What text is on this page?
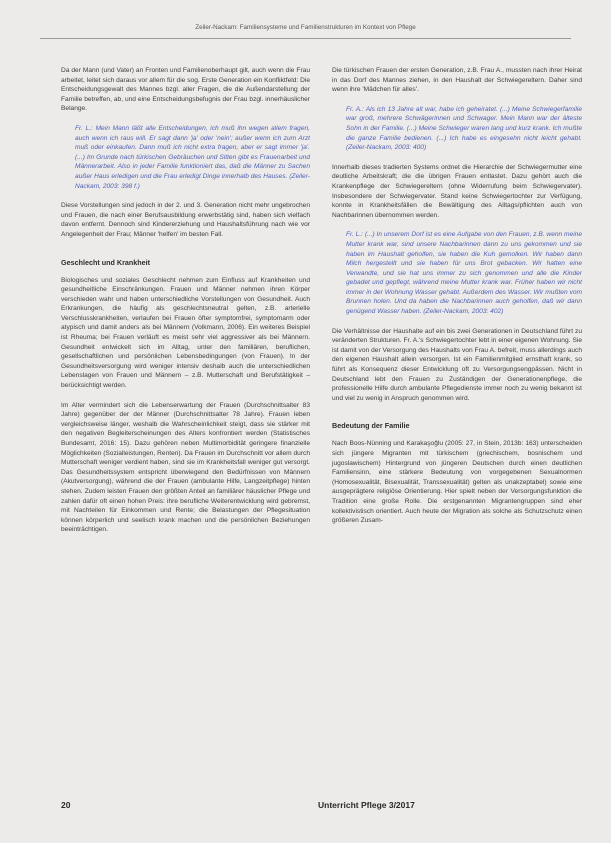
Zeiler-Nackam: Familiensysteme und Familienstrukturen im Kontext von Pflege

Da der Mann (und Vater) an Fronten und Familienoberhaupt gilt, auch wenn die Frau arbeitet, leitet sich daraus vor allem für die sog. Erste Generation ein Konfliktfeld: Die Entscheidungsgewalt des Mannes bzgl. aller Fragen, die die Außendarstellung der Familie betreffen, ab, und eine Entscheidungsbefugnis der Frau bzgl. innerhäuslicher Belange.

Fr. L.: Mein Mann läßt alle Entscheidungen, ich muß ihn wegen allem fragen, auch wenn ich raus will. Er sagt dann 'ja' oder 'nein'; außer wenn ich zum Arzt muß oder einkaufen. Dann muß ich nicht extra fragen, aber er sagt immer 'ja'. (...) Im Grunde nach türkischen Gebräuchen und Sitten gibt es Frauenarbeit und Männerarbeit. Also in jeder Familie funktioniert das, daß die Männer zu Sachen außer Haus erledigen und die Frau erledigt Dinge innerhalb des Hauses. (Zeiler-Nackam, 2003: 398 f.)

Diese Vorstellungen sind jedoch in der 2. und 3. Generation nicht mehr ungebrochen und Frauen, die nach einer Berufsausbildung erwerbstätig sind, haben sich vielfach davon entfernt. Dennoch sind Kindererziehung und Haushaltsführung nach wie vor Angelegenheit der Frau; Männer 'helfen' im besten Fall.

Geschlecht und Krankheit

Biologisches und soziales Geschlecht nehmen zum Einfluss auf Krankheiten und gesundheitliche Einschränkungen. Frauen und Männer nehmen ihren Körper verschieden wahr und haben unterschiedliche Vorstellungen von Gesundheit. Auch Erkrankungen, die häufig als geschlechtsneutral gelten, z.B. arterielle Verschlusskrankheiten, verlaufen bei Frauen öfter symptomfrei, symptomarm oder atypisch und damit anders als bei Männern (Volkmann, 2006). Ein weiteres Beispiel ist Rheuma; bei Frauen verläuft es meist sehr viel aggressiver als bei Männern. Gesundheit entwickelt sich im Alltag, unter den familiären, beruflichen, gesellschaftlichen und persönlichen Lebensbedingungen (von Frauen). In der Gesundheitsversorgung wird weniger intensiv deshalb auch die unterschiedlichen Lebenslagen von Frauen und Männern – z.B. Mutterschaft und Berufstätigkeit – berücksichtigt werden.

Im Alter vermindert sich die Lebenserwartung der Frauen (Durchschnittsalter 83 Jahre) gegenüber der der Männer (Durchschnittsalter 78 Jahre). Frauen leben vergleichsweise länger, weshalb die Wahrscheinlichkeit steigt, dass sie stärker mit den negativen Begleiterscheinungen des Alters konfrontiert werden (Statistisches Bundesamt, 2016: 15). Dazu gehören neben Multimorbidität geringere finanzielle Möglichkeiten (Sozialleistungen, Renten). Da Frauen im Durchschnitt vor allem durch Mutterschaft weniger verdient haben, sind sie im Krankheitsfall weniger gut versorgt. Das Gesundheitssystem entspricht überwiegend den Bedürfnissen von Männern (Akutversorgung), während die der Frauen (ambulante Hilfe, Langzeitpflege) hinten stehen. Zudem leisten Frauen den größten Anteil an familiärer häuslicher Pflege und zahlen dafür oft einen hohen Preis: ihre berufliche Weiterentwicklung wird gebremst, mit Nachteilen für Einkommen und Rente; die Belastungen der Pflegesituation können körperlich und seelisch krank machen und die persönlichen Beziehungen beeinträchtigen.

Die türkischen Frauen der ersten Generation, z.B. Frau A., mussten nach ihrer Heirat in das Dorf des Mannes ziehen, in den Haushalt der Schwiegereltern. Daher sind wenn ihre 'Mädchen für alles'.

Fr. A.: Als ich 13 Jahre alt war, habe ich geheiratet. (...) Meine Schwiegerfamilie war groß, mehrere Schwägerinnen und Schwager. Mein Mann war der älteste Sohn in der Familie. (...) Meine Schwieger waren lang und kurz krank. Ich mußte die ganze Familie bedienen. (...) Ich habe es eingesehn nicht leicht gehabt. (Zeiler-Nackam, 2003: 400)

Innerhalb dieses tradierten Systems ordnet die Hierarchie der Schwiegermutter eine deutliche Arbeitskraft; die die übrigen Frauen entlastet. Dazu gehört auch die Krankenpflege der Schwiegereltern (ohne Widerrufung beim Schwiegervater). Insbesondere der Schwiegervater. Stand keine Schwiegertochter zur Verfügung, konnte in Krankheitsfällen die Bewältigung des Alltags/pflichten auch von Nachbarinnen übernommen werden.

Fr. L.: (...) In unserem Dorf ist es eine Aufgabe von den Frauen, z.B. wenn meine Mutter krank war, sind unsere Nachbarinnen dann zu uns gekommen und sie haben im Haushalt geholfen, sie haben die Kuh gemolken. Wir haben dann Milch hergestellt und sie haben für uns Brot gebacken. Wir hatten eine Verwandte, und sie hat uns immer zu sich genommen und alle die Kinder gebadet und gepflegt, während meine Mutter krank war. Früher haben wir nicht immer in der Wohnung Wasser gehabt. Außerdem des Wasser. Wir mußten vom Brunnen holen. Und da haben die Nachbarinnen auch geholfen, daß wir dann genügend Wasser haben. (Zeiler-Nackam, 2003: 402)

Die Verhältnisse der Haushalte auf ein bis zwei Generationen in Deutschland führt zu veränderten Strukturen. Fr. A.'s Schwiegertochter lebt in einer eigenen Wohnung. Sie ist damit von der Versorgung des Haushalts von Frau A. befreit, muss allerdings auch den eigenen Haushalt allein versorgen. Ist ein Familienmitglied ernsthaft krank, so führt als Konsequenz dieser Entwicklung oft zu Versorgungsengpässen. Nicht in Deutschland lebt den Frauen zu Zuständigen der Generationenpflege, die professionelle Hilfe durch ambulante Pflegedienste immer noch zu wenig bekannt ist und viel zu wenig in Anspruch genommen wird.

Bedeutung der Familie

Nach Boos-Nünning und Karakaşoğlu (2005: 27, in Stein, 2013b: 163) unterscheiden sich jüngere Migranten mit türkischem (griechischem, bosnischem und jugoslawischem) Hintergrund von jüngeren Deutschen durch einen deutlichen Familiensinn, eine stärkere Bedeutung von vorgegebenen Sexualnormen (Homosexualität, Bisexualität, Transsexualität) gelten als unakzeptabel) sowie eine ausgeprägtere religiöse Orientierung. Hier spielt neben der Versorgungsfunktion die Tradition eine große Rolle. Die erstgenannten Migrantengruppen sind eher kollektivistisch orientiert. Auch heute der Migration als solche als Schutzschutz einen größeren Zusam-

20	Unterricht Pflege 3/2017
